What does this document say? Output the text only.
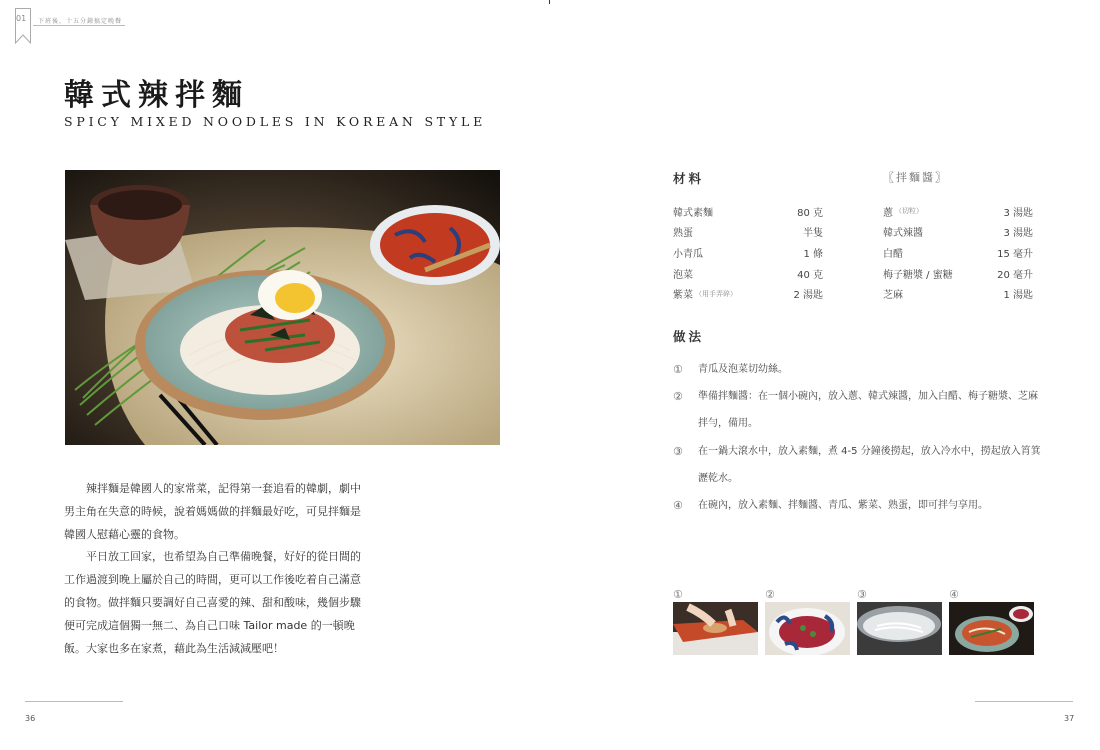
01 下班後，十五分鐘搞定晚餐
韓式辣拌麵
SPICY MIXED NOODLES IN KOREAN STYLE

辣拌麵是韓國人的家常菜，記得第一套追看的韓劇，劇中男主角在失意的時候，說着媽媽做的拌麵最好吃，可見拌麵是韓國人慰藉心靈的食物。

平日放工回家，也希望為自己準備晚餐，好好的從日間的工作過渡到晚上屬於自己的時間，更可以工作後吃着自己滿意的食物。做拌麵只要調好自己喜愛的辣、甜和酸味，幾個步驟便可完成這個獨一無二、為自己口味 Tailor made 的一頓晚飯。大家也多在家煮，藉此為生活減減壓吧！

36
材料
韓式素麵	80 克
熟蛋	半隻
小青瓜	1 條
泡菜	40 克
紫菜 （用手弄碎）	2 湯匙
〖拌麵醬〗
蔥 （切粒）	3 湯匙
韓式辣醬	3 湯匙
白醋	15 毫升
梅子糖漿 / 蜜糖	20 毫升
芝麻	1 湯匙
做法
①	青瓜及泡菜切幼絲。
②	準備拌麵醬：在一個小碗內，放入蔥、韓式辣醬，加入白醋、梅子糖漿、芝麻拌勻，備用。
③	在一鍋大滾水中，放入素麵，煮 4-5 分鐘後撈起，放入冷水中，撈起放入筲箕瀝乾水。
④	在碗內，放入素麵、拌麵醬、青瓜、紫菜、熟蛋，即可拌勻享用。
①	②	③	④
37
